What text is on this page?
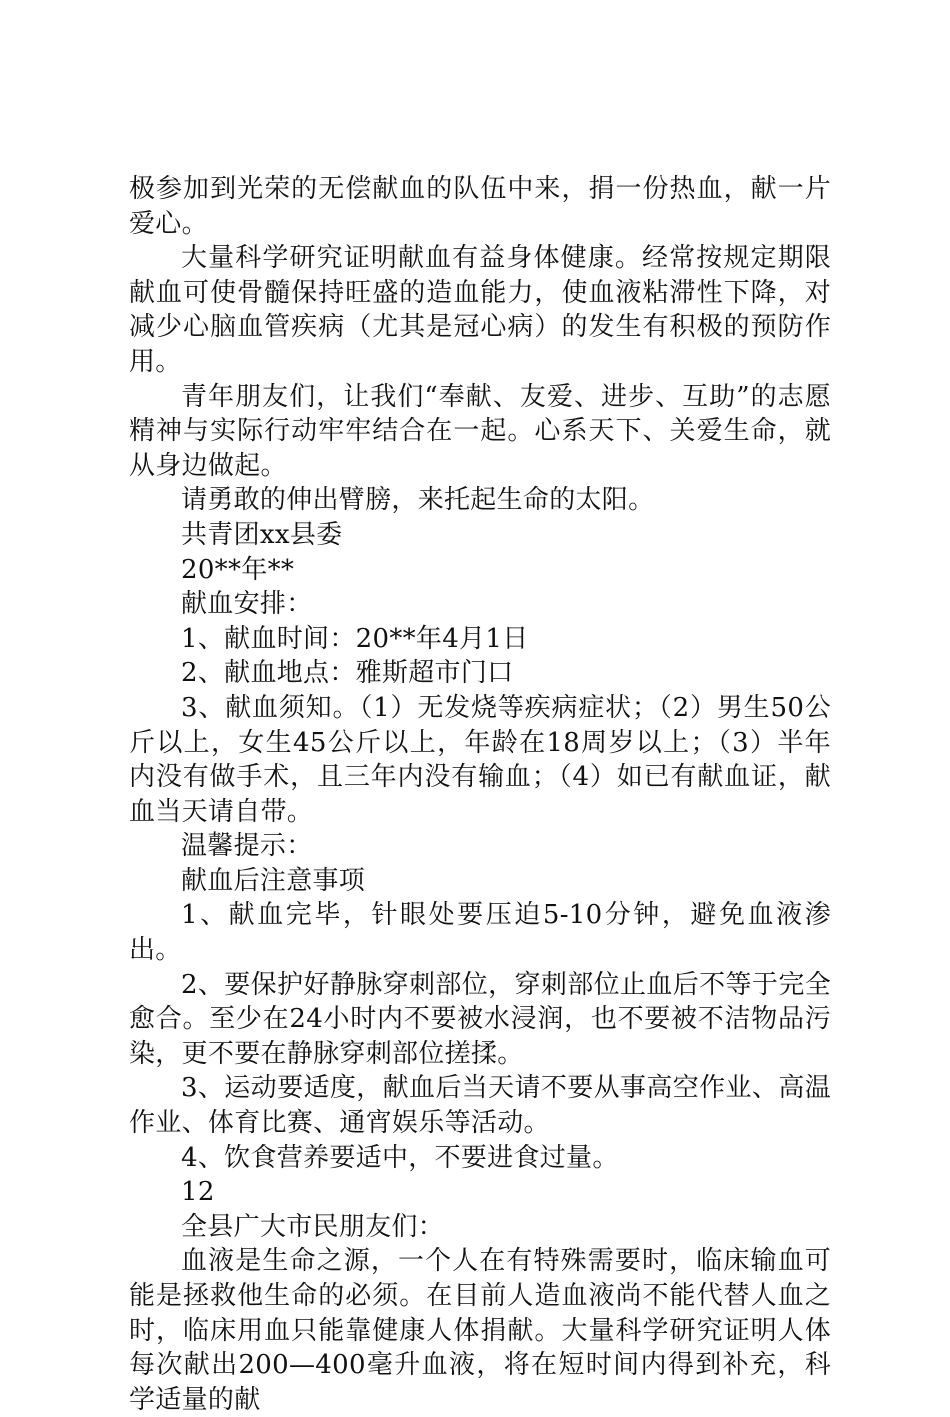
极参加到光荣的无偿献血的队伍中来，捐一份热血，献一片爱心。

大量科学研究证明献血有益身体健康。经常按规定期限献血可使骨髓保持旺盛的造血能力，使血液粘滞性下降，对减少心脑血管疾病（尤其是冠心病）的发生有积极的预防作用。

青年朋友们，让我们“奉献、友爱、进步、互助”的志愿精神与实际行动牢牢结合在一起。心系天下、关爱生命，就从身边做起。

请勇敢的伸出臂膀，来托起生命的太阳。

共青团xx县委

20**年**

献血安排：

1、献血时间：20**年4月1日

2、献血地点：雅斯超市门口

3、献血须知。（1）无发烧等疾病症状；（2）男生50公斤以上，女生45公斤以上，年龄在18周岁以上；（3）半年内没有做手术，且三年内没有输血；（4）如已有献血证，献血当天请自带。

温馨提示：

献血后注意事项

1、献血完毕，针眼处要压迫5-10分钟，避免血液渗出。

2、要保护好静脉穿刺部位，穿刺部位止血后不等于完全愈合。至少在24小时内不要被水浸润，也不要被不洁物品污染，更不要在静脉穿刺部位搓揉。

3、运动要适度，献血后当天请不要从事高空作业、高温作业、体育比赛、通宵娱乐等活动。

4、饮食营养要适中，不要进食过量。

12

全县广大市民朋友们：

血液是生命之源，一个人在有特殊需要时，临床输血可能是拯救他生命的必须。在目前人造血液尚不能代替人血之时，临床用血只能靠健康人体捐献。大量科学研究证明人体每次献出200—400毫升血液，将在短时间内得到补充，科学适量的献
